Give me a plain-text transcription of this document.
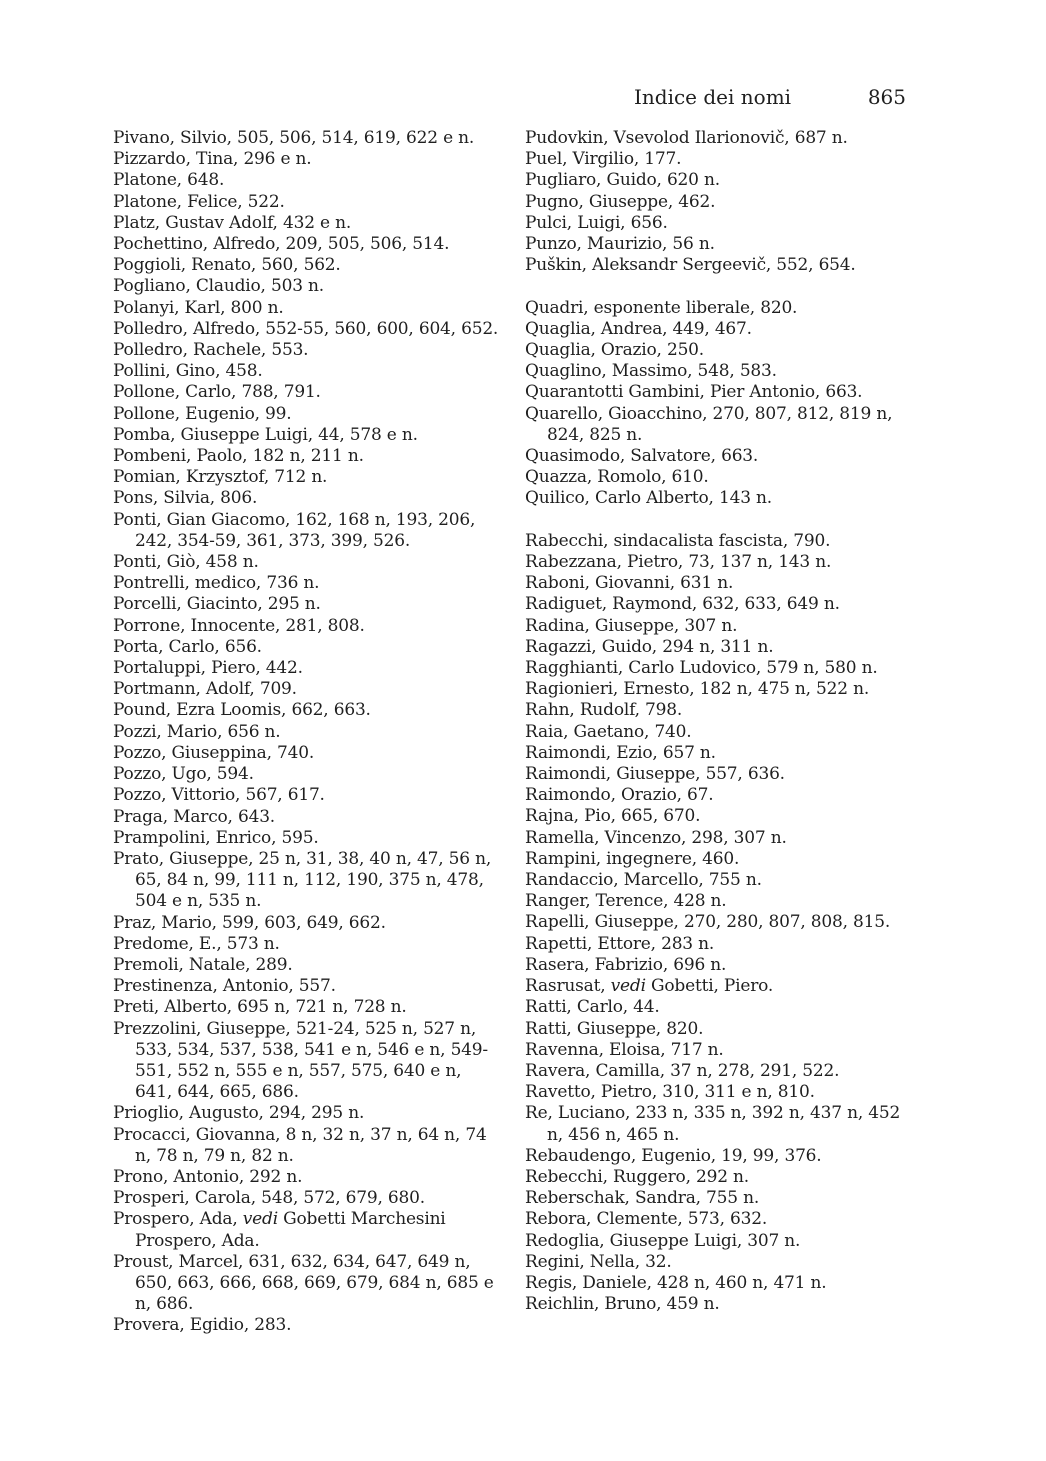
Indice dei nomi	865
Pivano, Silvio, 505, 506, 514, 619, 622 e n.
Pizzardo, Tina, 296 e n.
Platone, 648.
Platone, Felice, 522.
Platz, Gustav Adolf, 432 e n.
Pochettino, Alfredo, 209, 505, 506, 514.
Poggioli, Renato, 560, 562.
Pogliano, Claudio, 503 n.
Polanyi, Karl, 800 n.
Polledro, Alfredo, 552-55, 560, 600, 604, 652.
Polledro, Rachele, 553.
Pollini, Gino, 458.
Pollone, Carlo, 788, 791.
Pollone, Eugenio, 99.
Pomba, Giuseppe Luigi, 44, 578 e n.
Pombeni, Paolo, 182 n, 211 n.
Pomian, Krzysztof, 712 n.
Pons, Silvia, 806.
Ponti, Gian Giacomo, 162, 168 n, 193, 206, 242, 354-59, 361, 373, 399, 526.
Ponti, Giò, 458 n.
Pontrelli, medico, 736 n.
Porcelli, Giacinto, 295 n.
Porrone, Innocente, 281, 808.
Porta, Carlo, 656.
Portaluppi, Piero, 442.
Portmann, Adolf, 709.
Pound, Ezra Loomis, 662, 663.
Pozzi, Mario, 656 n.
Pozzo, Giuseppina, 740.
Pozzo, Ugo, 594.
Pozzo, Vittorio, 567, 617.
Praga, Marco, 643.
Prampolini, Enrico, 595.
Prato, Giuseppe, 25 n, 31, 38, 40 n, 47, 56 n, 65, 84 n, 99, 111 n, 112, 190, 375 n, 478, 504 e n, 535 n.
Praz, Mario, 599, 603, 649, 662.
Predome, E., 573 n.
Premoli, Natale, 289.
Prestinenza, Antonio, 557.
Preti, Alberto, 695 n, 721 n, 728 n.
Prezzolini, Giuseppe, 521-24, 525 n, 527 n, 533, 534, 537, 538, 541 e n, 546 e n, 549-551, 552 n, 555 e n, 557, 575, 640 e n, 641, 644, 665, 686.
Prioglio, Augusto, 294, 295 n.
Procacci, Giovanna, 8 n, 32 n, 37 n, 64 n, 74 n, 78 n, 79 n, 82 n.
Prono, Antonio, 292 n.
Prosperi, Carola, 548, 572, 679, 680.
Prospero, Ada, vedi Gobetti Marchesini Prospero, Ada.
Proust, Marcel, 631, 632, 634, 647, 649 n, 650, 663, 666, 668, 669, 679, 684 n, 685 e n, 686.
Provera, Egidio, 283.
Pudovkin, Vsevolod Ilarionovič, 687 n.
Puel, Virgilio, 177.
Pugliaro, Guido, 620 n.
Pugno, Giuseppe, 462.
Pulci, Luigi, 656.
Punzo, Maurizio, 56 n.
Puškin, Aleksandr Sergeevič, 552, 654.
Quadri, esponente liberale, 820.
Quaglia, Andrea, 449, 467.
Quaglia, Orazio, 250.
Quaglino, Massimo, 548, 583.
Quarantotti Gambini, Pier Antonio, 663.
Quarello, Gioacchino, 270, 807, 812, 819 n, 824, 825 n.
Quasimodo, Salvatore, 663.
Quazza, Romolo, 610.
Quilico, Carlo Alberto, 143 n.
Rabecchi, sindacalista fascista, 790.
Rabezzana, Pietro, 73, 137 n, 143 n.
Raboni, Giovanni, 631 n.
Radiguet, Raymond, 632, 633, 649 n.
Radina, Giuseppe, 307 n.
Ragazzi, Guido, 294 n, 311 n.
Ragghianti, Carlo Ludovico, 579 n, 580 n.
Ragionieri, Ernesto, 182 n, 475 n, 522 n.
Rahn, Rudolf, 798.
Raia, Gaetano, 740.
Raimondi, Ezio, 657 n.
Raimondi, Giuseppe, 557, 636.
Raimondo, Orazio, 67.
Rajna, Pio, 665, 670.
Ramella, Vincenzo, 298, 307 n.
Rampini, ingegnere, 460.
Randaccio, Marcello, 755 n.
Ranger, Terence, 428 n.
Rapelli, Giuseppe, 270, 280, 807, 808, 815.
Rapetti, Ettore, 283 n.
Rasera, Fabrizio, 696 n.
Rasrusat, vedi Gobetti, Piero.
Ratti, Carlo, 44.
Ratti, Giuseppe, 820.
Ravenna, Eloisa, 717 n.
Ravera, Camilla, 37 n, 278, 291, 522.
Ravetto, Pietro, 310, 311 e n, 810.
Re, Luciano, 233 n, 335 n, 392 n, 437 n, 452 n, 456 n, 465 n.
Rebaudengo, Eugenio, 19, 99, 376.
Rebecchi, Ruggero, 292 n.
Reberschak, Sandra, 755 n.
Rebora, Clemente, 573, 632.
Redoglia, Giuseppe Luigi, 307 n.
Regini, Nella, 32.
Regis, Daniele, 428 n, 460 n, 471 n.
Reichlin, Bruno, 459 n.
